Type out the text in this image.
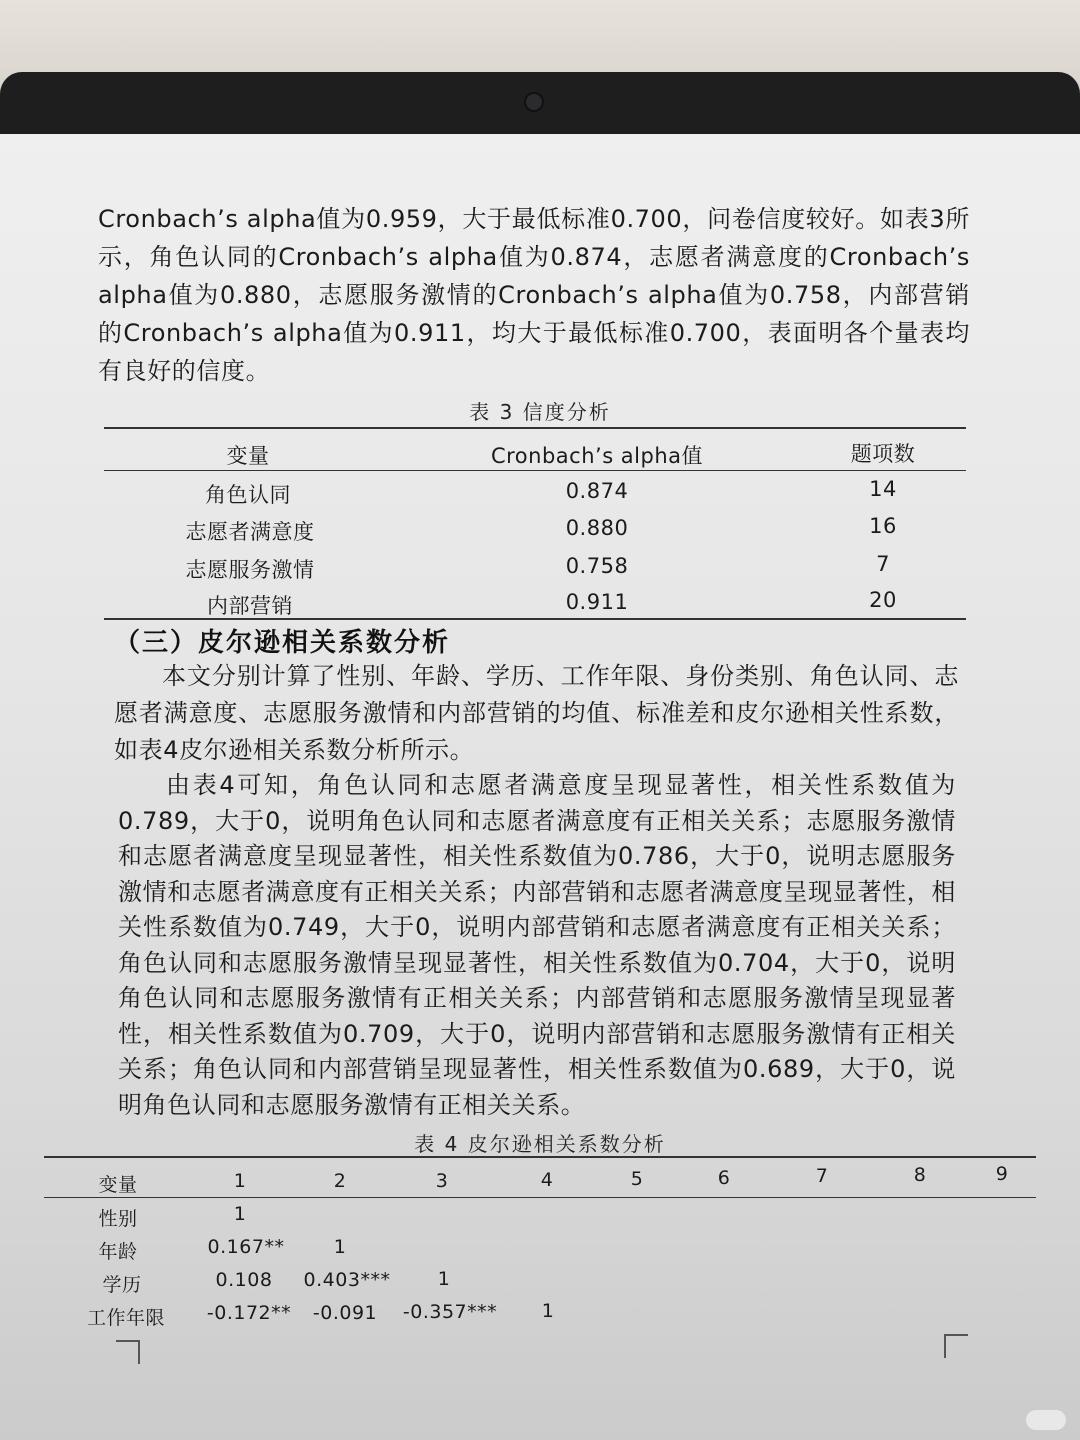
Cronbach’s alpha值为0.959，大于最低标准0.700，问卷信度较好。如表3所示，角色认同的Cronbach’s alpha值为0.874，志愿者满意度的Cronbach’s alpha值为0.880，志愿服务激情的Cronbach’s alpha值为0.758，内部营销的Cronbach’s alpha值为0.911，均大于最低标准0.700，表面明各个量表均有良好的信度。

表 3 信度分析
变量	Cronbach’s alpha值	题项数
角色认同	0.874	14
志愿者满意度	0.880	16
志愿服务激情	0.758	7
内部营销	0.911	20
（三）皮尔逊相关系数分析

本文分别计算了性别、年龄、学历、工作年限、身份类别、角色认同、志愿者满意度、志愿服务激情和内部营销的均值、标准差和皮尔逊相关性系数，如表4皮尔逊相关系数分析所示。

由表4可知，角色认同和志愿者满意度呈现显著性，相关性系数值为0.789，大于0，说明角色认同和志愿者满意度有正相关关系；志愿服务激情和志愿者满意度呈现显著性，相关性系数值为0.786，大于0，说明志愿服务激情和志愿者满意度有正相关关系；内部营销和志愿者满意度呈现显著性，相关性系数值为0.749，大于0，说明内部营销和志愿者满意度有正相关关系；角色认同和志愿服务激情呈现显著性，相关性系数值为0.704，大于0，说明角色认同和志愿服务激情有正相关关系；内部营销和志愿服务激情呈现显著性，相关性系数值为0.709，大于0，说明内部营销和志愿服务激情有正相关关系；角色认同和内部营销呈现显著性，相关性系数值为0.689，大于0，说明角色认同和志愿服务激情有正相关关系。

表 4 皮尔逊相关系数分析
变量	1	2	3	4	5	6	7	8	9
性别	1
年龄	0.167**	1
学历	0.108	0.403***	1
工作年限	-0.172**	-0.091	-0.357***	1
